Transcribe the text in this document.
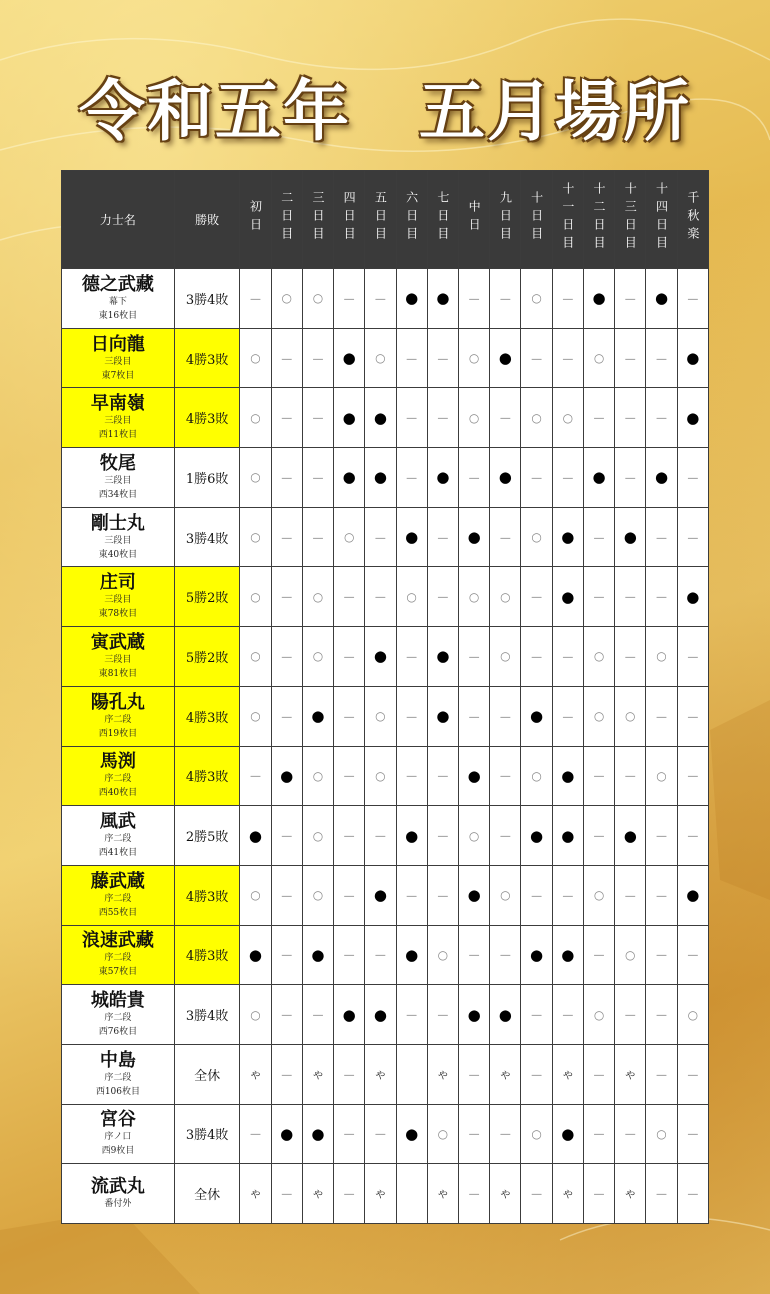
令和五年　五月場所
力士名	勝敗	初日	二日目	三日目	四日目	五日目	六日目	七日目	中日	九日目	十日目	十一日目	十二日目	十三日目	十四日目	千秋楽

德之武藏
幕下
東16枚目	3勝4敗	－	○	○	－	－	●	●	－	－	○	－	●	－	●	－

日向龍
三段目
東7枚目	4勝3敗	○	－	－	●	○	－	－	○	●	－	－	○	－	－	●

早南嶺
三段目
西11枚目	4勝3敗	○	－	－	●	●	－	－	○	－	○	○	－	－	－	●

牧尾
三段目
西34枚目	1勝6敗	○	－	－	●	●	－	●	－	●	－	－	●	－	●	－

剛士丸
三段目
東40枚目	3勝4敗	○	－	－	○	－	●	－	●	－	○	●	－	●	－	－

庄司
三段目
東78枚目	5勝2敗	○	－	○	－	－	○	－	○	○	－	●	－	－	－	●

寅武蔵
三段目
東81枚目	5勝2敗	○	－	○	－	●	－	●	－	○	－	－	○	－	○	－

陽孔丸
序二段
西19枚目	4勝3敗	○	－	●	－	○	－	●	－	－	●	－	○	○	－	－

馬渕
序二段
西40枚目	4勝3敗	－	●	○	－	○	－	－	●	－	○	●	－	－	○	－

風武
序二段
西41枚目	2勝5敗	●	－	○	－	－	●	－	○	－	●	●	－	●	－	－

藤武蔵
序二段
西55枚目	4勝3敗	○	－	○	－	●	－	－	●	○	－	－	○	－	－	●

浪速武藏
序二段
東57枚目	4勝3敗	●	－	●	－	－	●	○	－	－	●	●	－	○	－	－

城皓貴
序二段
西76枚目	3勝4敗	○	－	－	●	●	－	－	●	●	－	－	○	－	－	○

中島
序二段
西106枚目	全休	や	－	や	－	や		や	－	や	－	や	－	や	－	－

宮谷
序ノ口
西9枚目	3勝4敗	－	●	●	－	－	●	○	－	－	○	●	－	－	○	－

流武丸
番付外	全休	や	－	や	－	や		や	－	や	－	や	－	や	－	－
